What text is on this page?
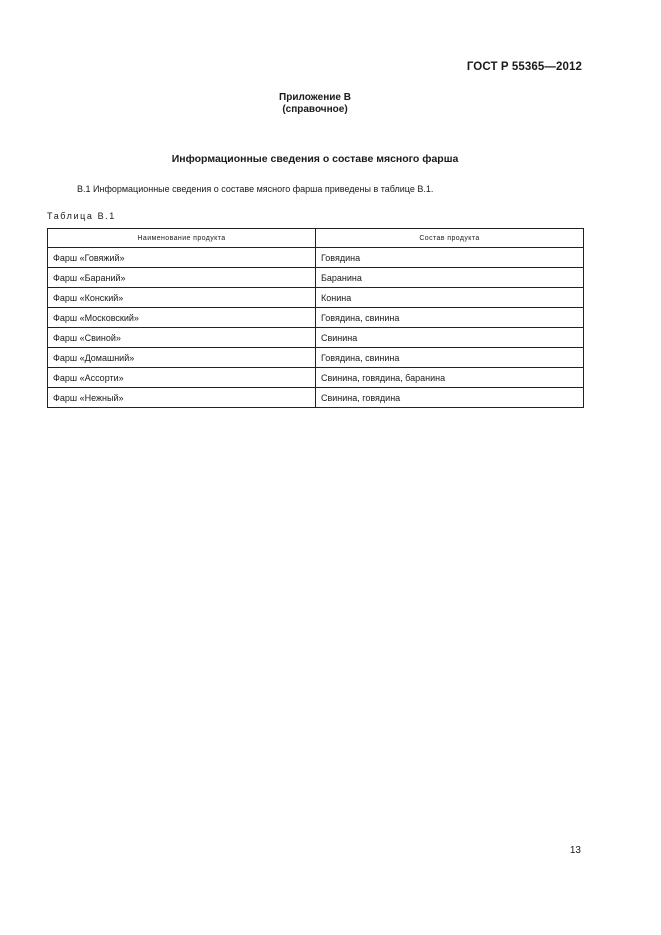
ГОСТ Р 55365—2012
Приложение В
(справочное)
Информационные сведения о составе мясного фарша
В.1 Информационные сведения о составе мясного фарша приведены в таблице В.1.
Таблица В.1
Наименование продукта	Состав продукта
Фарш «Говяжий»	Говядина
Фарш «Бараний»	Баранина
Фарш «Конский»	Конина
Фарш «Московский»	Говядина, свинина
Фарш «Свиной»	Свинина
Фарш «Домашний»	Говядина, свинина
Фарш «Ассорти»	Свинина, говядина, баранина
Фарш «Нежный»	Свинина, говядина
13
